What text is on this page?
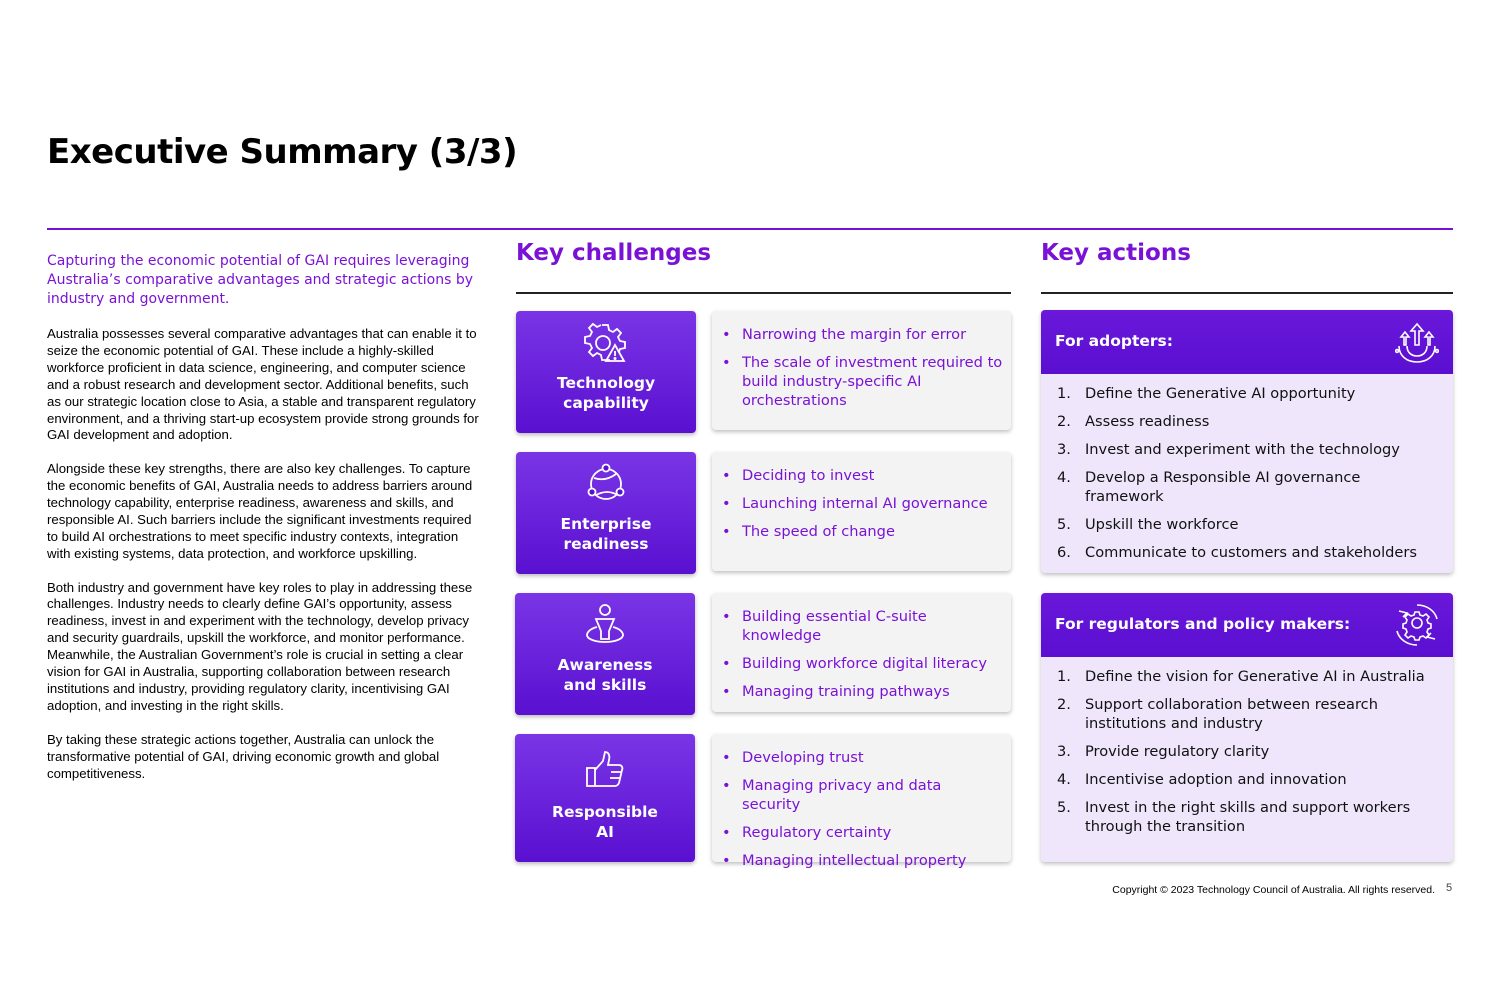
Executive Summary (3/3)
Capturing the economic potential of GAI requires leveraging Australia’s comparative advantages and strategic actions by industry and government.

Australia possesses several comparative advantages that can enable it to seize the economic potential of GAI. These include a highly-skilled workforce proficient in data science, engineering, and computer science and a robust research and development sector. Additional benefits, such as our strategic location close to Asia, a stable and transparent regulatory environment, and a thriving start-up ecosystem provide strong grounds for GAI development and adoption.

Alongside these key strengths, there are also key challenges. To capture the economic benefits of GAI, Australia needs to address barriers around technology capability, enterprise readiness, awareness and skills, and responsible AI. Such barriers include the significant investments required to build AI orchestrations to meet specific industry contexts, integration with existing systems, data protection, and workforce upskilling.

Both industry and government have key roles to play in addressing these challenges. Industry needs to clearly define GAI’s opportunity, assess readiness, invest in and experiment with the technology, develop privacy and security guardrails, upskill the workforce, and monitor performance. Meanwhile, the Australian Government’s role is crucial in setting a clear vision for GAI in Australia, supporting collaboration between research institutions and industry, providing regulatory clarity, incentivising GAI adoption, and investing in the right skills.

By taking these strategic actions together, Australia can unlock the transformative potential of GAI, driving economic growth and global competitiveness.

Key challenges	Key actions
Technology
capability
• Narrowing the margin for error
• The scale of investment required to build industry-specific AI orchestrations
Enterprise
readiness
• Deciding to invest
• Launching internal AI governance
• The speed of change
Awareness
and skills
• Building essential C-suite knowledge
• Building workforce digital literacy
• Managing training pathways
Responsible
AI
• Developing trust
• Managing privacy and data security
• Regulatory certainty
• Managing intellectual property
For adopters:
1. Define the Generative AI opportunity
2. Assess readiness
3. Invest and experiment with the technology
4. Develop a Responsible AI governance framework
5. Upskill the workforce
6. Communicate to customers and stakeholders
For regulators and policy makers:
1. Define the vision for Generative AI in Australia
2. Support collaboration between research institutions and industry
3. Provide regulatory clarity
4. Incentivise adoption and innovation
5. Invest in the right skills and support workers through the transition
Copyright © 2023 Technology Council of Australia. All rights reserved. 5
